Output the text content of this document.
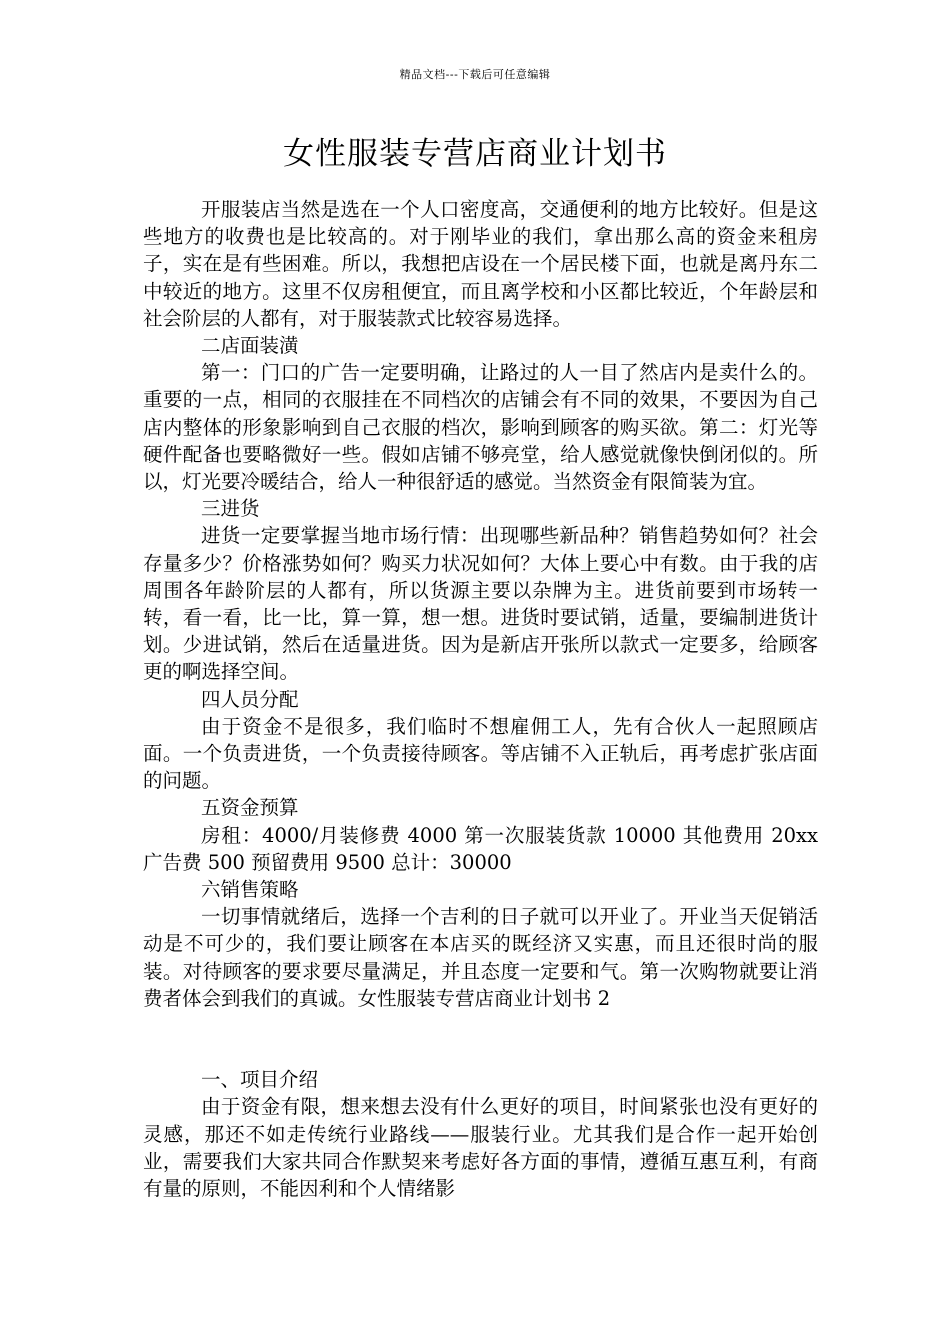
精品文档---下载后可任意编辑
女性服装专营店商业计划书

开服装店当然是选在一个人口密度高，交通便利的地方比较好。但是这些地方的收费也是比较高的。对于刚毕业的我们，拿出那么高的资金来租房子，实在是有些困难。所以，我想把店设在一个居民楼下面，也就是离丹东二中较近的地方。这里不仅房租便宜，而且离学校和小区都比较近，个年龄层和社会阶层的人都有，对于服装款式比较容易选择。

二店面装潢

第一：门口的广告一定要明确，让路过的人一目了然店内是卖什么的。重要的一点，相同的衣服挂在不同档次的店铺会有不同的效果，不要因为自己店内整体的形象影响到自己衣服的档次，影响到顾客的购买欲。第二：灯光等硬件配备也要略微好一些。假如店铺不够亮堂，给人感觉就像快倒闭似的。所以，灯光要冷暖结合，给人一种很舒适的感觉。当然资金有限简装为宜。

三进货

进货一定要掌握当地市场行情：出现哪些新品种？销售趋势如何？社会存量多少？价格涨势如何？购买力状况如何？大体上要心中有数。由于我的店周围各年龄阶层的人都有，所以货源主要以杂牌为主。进货前要到市场转一转，看一看，比一比，算一算，想一想。进货时要试销，适量，要编制进货计划。少进试销，然后在适量进货。因为是新店开张所以款式一定要多，给顾客更的啊选择空间。

四人员分配

由于资金不是很多，我们临时不想雇佣工人，先有合伙人一起照顾店面。一个负责进货，一个负责接待顾客。等店铺不入正轨后，再考虑扩张店面的问题。

五资金预算

房租：4000/月装修费 4000 第一次服装货款 10000 其他费用 20xx 广告费 500 预留费用 9500 总计：30000

六销售策略

一切事情就绪后，选择一个吉利的日子就可以开业了。开业当天促销活动是不可少的，我们要让顾客在本店买的既经济又实惠，而且还很时尚的服装。对待顾客的要求要尽量满足，并且态度一定要和气。第一次购物就要让消费者体会到我们的真诚。女性服装专营店商业计划书 2

一、项目介绍

由于资金有限，想来想去没有什么更好的项目，时间紧张也没有更好的灵感，那还不如走传统行业路线——服装行业。尤其我们是合作一起开始创业，需要我们大家共同合作默契来考虑好各方面的事情，遵循互惠互利，有商有量的原则，不能因利和个人情绪影
